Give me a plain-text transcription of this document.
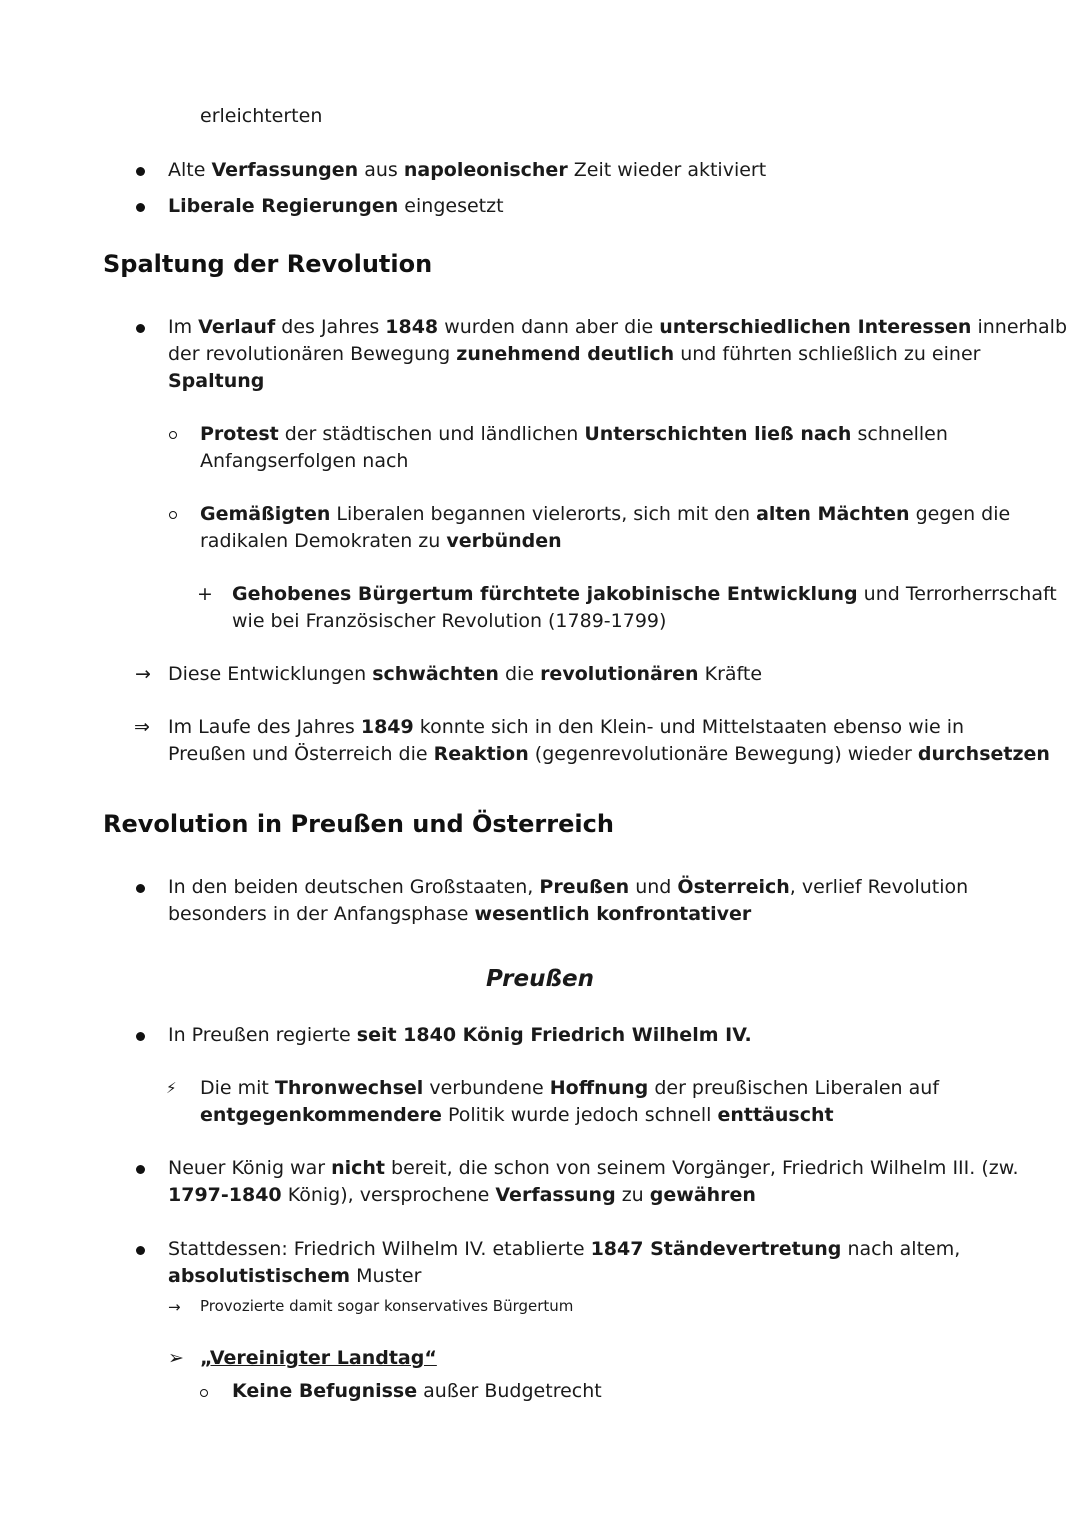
erleichterten
Alte Verfassungen aus napoleonischer Zeit wieder aktiviert
Liberale Regierungen eingesetzt
Spaltung der Revolution
Im Verlauf des Jahres 1848 wurden dann aber die unterschiedlichen Interessen innerhalb
der revolutionären Bewegung zunehmend deutlich und führten schließlich zu einer
Spaltung
Protest der städtischen und ländlichen Unterschichten ließ nach schnellen
Anfangserfolgen nach
Gemäßigten Liberalen begannen vielerorts, sich mit den alten Mächten gegen die
radikalen Demokraten zu verbünden
+ Gehobenes Bürgertum fürchtete jakobinische Entwicklung und Terrorherrschaft
wie bei Französischer Revolution (1789-1799)
→ Diese Entwicklungen schwächten die revolutionären Kräfte
⇒ Im Laufe des Jahres 1849 konnte sich in den Klein- und Mittelstaaten ebenso wie in
Preußen und Österreich die Reaktion (gegenrevolutionäre Bewegung) wieder durchsetzen
Revolution in Preußen und Österreich
In den beiden deutschen Großstaaten, Preußen und Österreich, verlief Revolution
besonders in der Anfangsphase wesentlich konfrontativer
Preußen
In Preußen regierte seit 1840 König Friedrich Wilhelm IV.
⚡ Die mit Thronwechsel verbundene Hoffnung der preußischen Liberalen auf
entgegenkommendere Politik wurde jedoch schnell enttäuscht
Neuer König war nicht bereit, die schon von seinem Vorgänger, Friedrich Wilhelm III. (zw.
1797-1840 König), versprochene Verfassung zu gewähren
Stattdessen: Friedrich Wilhelm IV. etablierte 1847 Ständevertretung nach altem,
absolutistischem Muster
→ Provozierte damit sogar konservatives Bürgertum
➢ „Vereinigter Landtag“
Keine Befugnisse außer Budgetrecht
